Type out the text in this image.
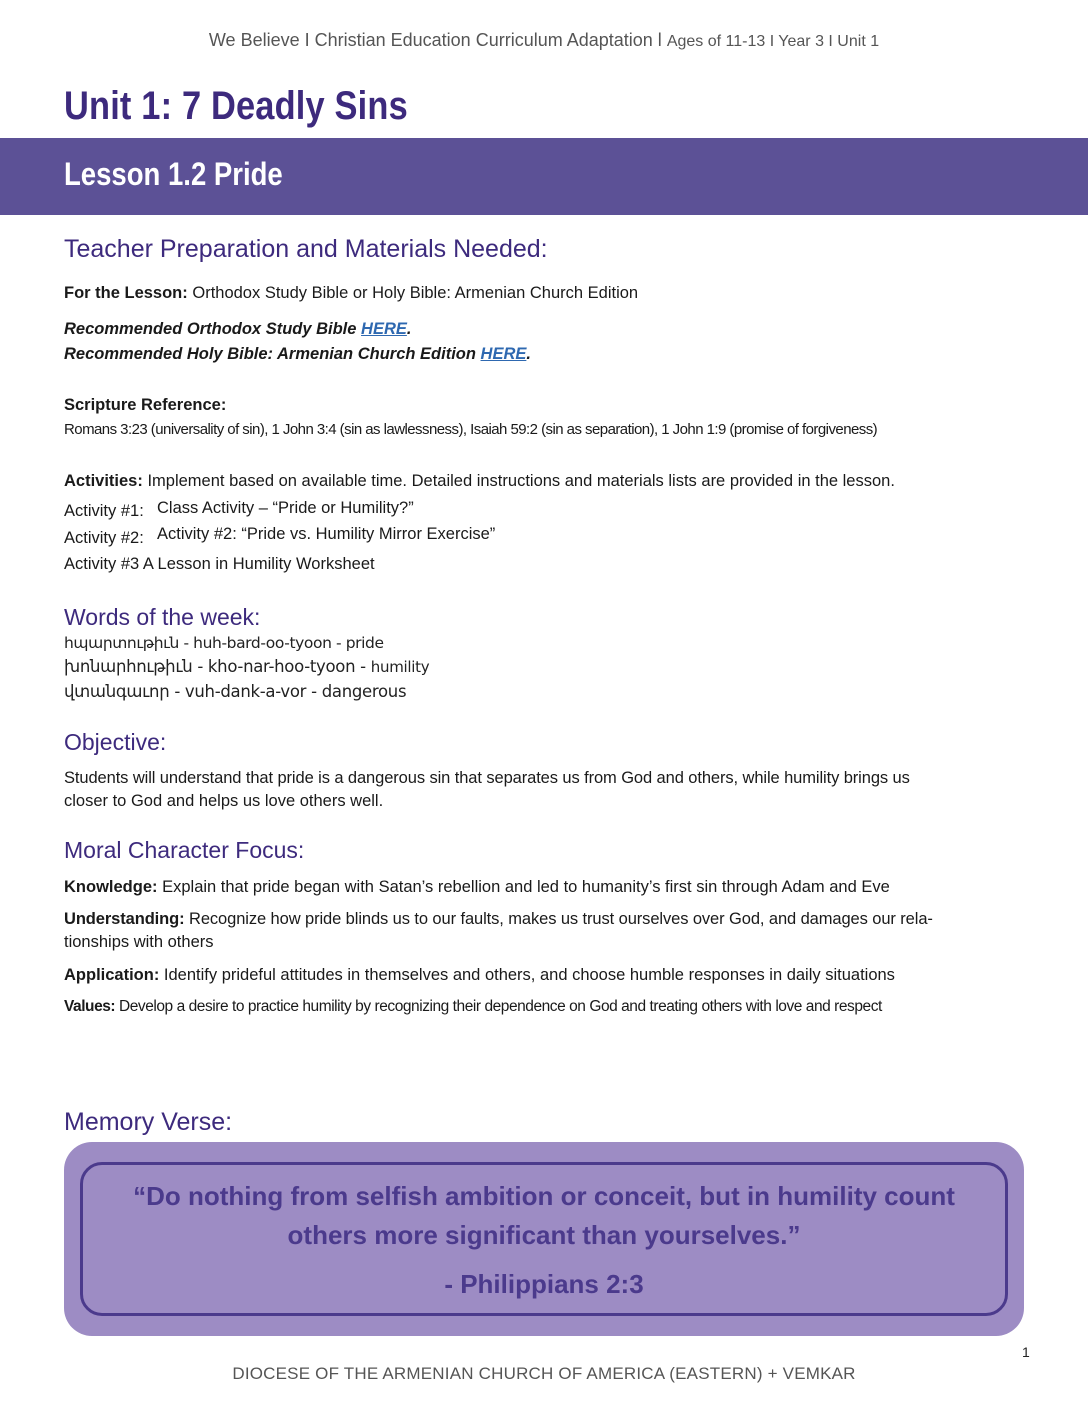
We Believe I Christian Education Curriculum Adaptation l Ages of 11-13 I Year 3 I Unit 1
Unit 1: 7 Deadly Sins
Lesson 1.2 Pride
Teacher Preparation and Materials Needed:
For the Lesson: Orthodox Study Bible or Holy Bible: Armenian Church Edition
Recommended Orthodox Study Bible HERE.
Recommended Holy Bible: Armenian Church Edition HERE.
Scripture Reference:
Romans 3:23 (universality of sin), 1 John 3:4 (sin as lawlessness), Isaiah 59:2 (sin as separation), 1 John 1:9 (promise of forgiveness)
Activities: Implement based on available time. Detailed instructions and materials lists are provided in the lesson.
Activity #1: Class Activity – “Pride or Humility?”
Activity #2: Activity #2: “Pride vs. Humility Mirror Exercise”
Activity #3 A Lesson in Humility Worksheet
Words of the week:
հպարտութիւն - huh-bard-oo-tyoon - pride
խոնարհութիւն - kho-nar-hoo-tyoon - humility
վտանգաւոր - vuh-dank-a-vor - dangerous
Objective:
Students will understand that pride is a dangerous sin that separates us from God and others, while humility brings us
closer to God and helps us love others well.
Moral Character Focus:
Knowledge: Explain that pride began with Satan’s rebellion and led to humanity’s first sin through Adam and Eve
Understanding: Recognize how pride blinds us to our faults, makes us trust ourselves over God, and damages our rela-
tionships with others
Application: Identify prideful attitudes in themselves and others, and choose humble responses in daily situations
Values: Develop a desire to practice humility by recognizing their dependence on God and treating others with love and respect
Memory Verse:
“Do nothing from selfish ambition or conceit, but in humility count
others more significant than yourselves.”
- Philippians 2:3
1
DIOCESE OF THE ARMENIAN CHURCH OF AMERICA (EASTERN) + VEMKAR
